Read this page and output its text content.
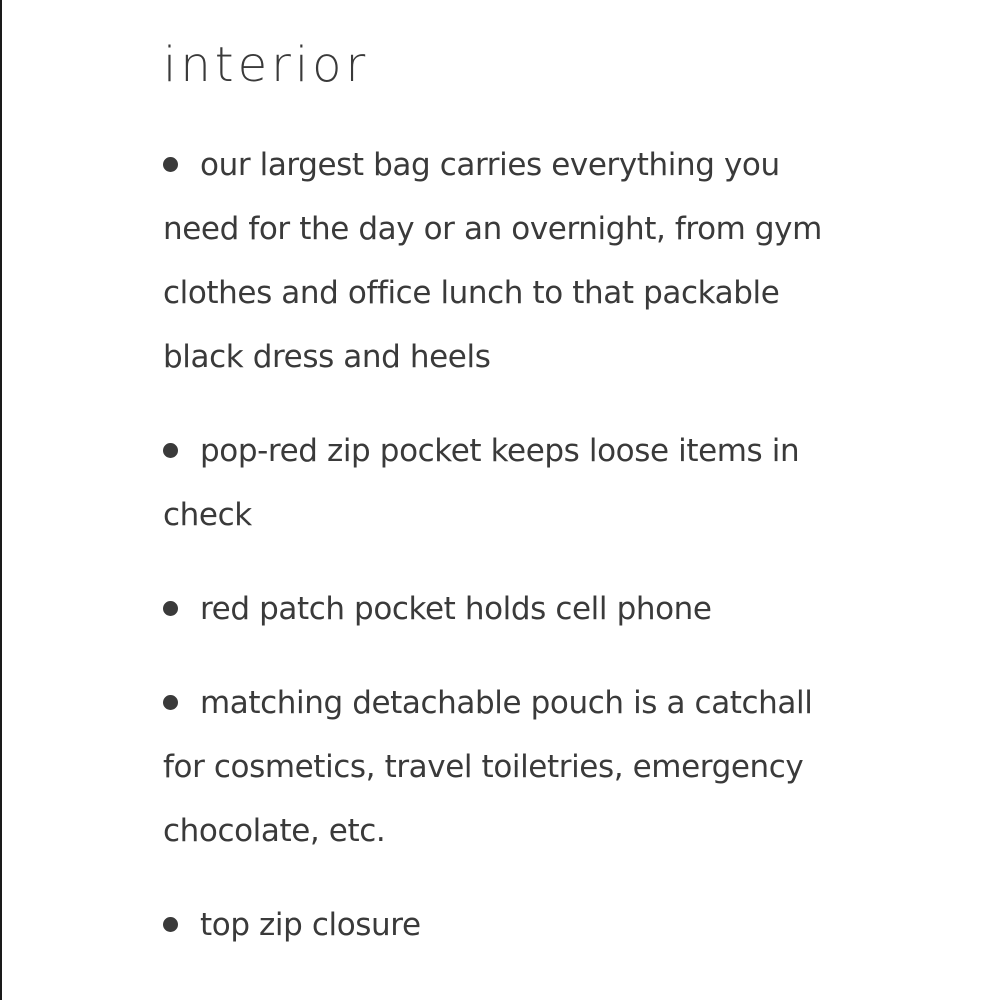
interior
our largest bag carries everything you need for the day or an overnight, from gym clothes and office lunch to that packable black dress and heels
pop-red zip pocket keeps loose items in check
red patch pocket holds cell phone
matching detachable pouch is a catchall for cosmetics, travel toiletries, emergency chocolate, etc.
top zip closure
